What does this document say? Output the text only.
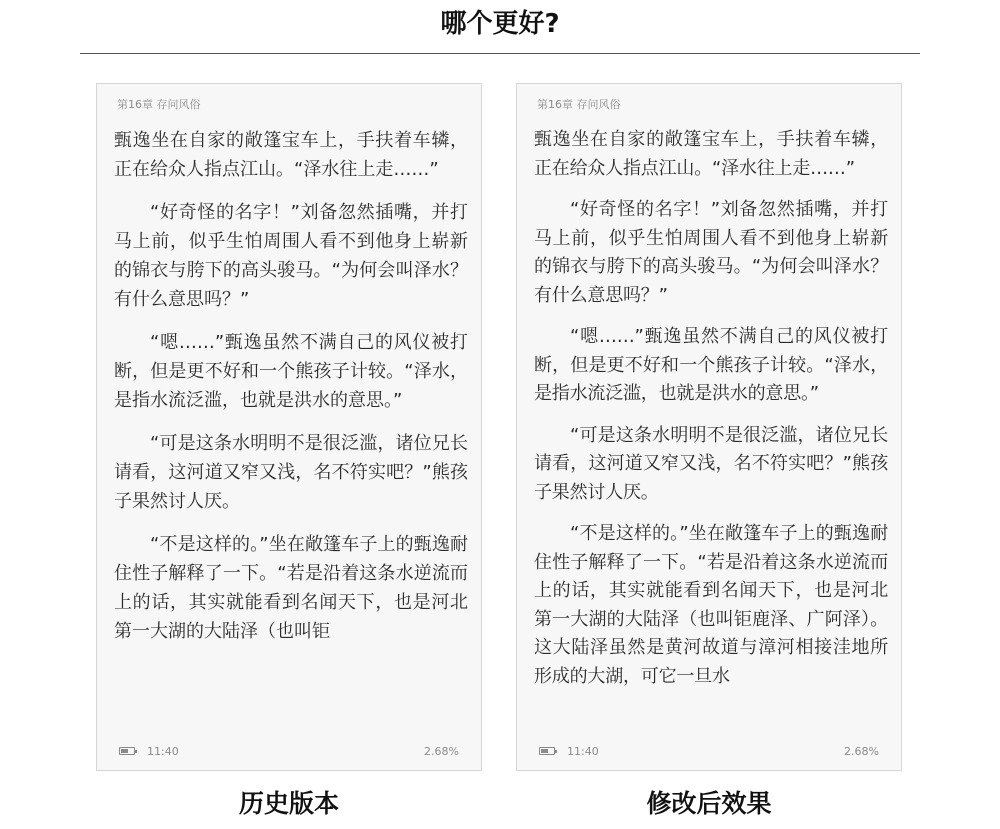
哪个更好?
第16章 存问风俗

甄逸坐在自家的敞篷宝车上，手扶着车辚，正在给众人指点江山。“泽水往上走……”

“好奇怪的名字！”刘备忽然插嘴，并打马上前，似乎生怕周围人看不到他身上崭新的锦衣与胯下的高头骏马。“为何会叫泽水？有什么意思吗？”

“嗯……”甄逸虽然不满自己的风仪被打断，但是更不好和一个熊孩子计较。“泽水，是指水流泛滥，也就是洪水的意思。”

“可是这条水明明不是很泛滥，诸位兄长请看，这河道又窄又浅，名不符实吧？”熊孩子果然讨人厌。

“不是这样的。”坐在敞篷车子上的甄逸耐住性子解释了一下。“若是沿着这条水逆流而上的话，其实就能看到名闻天下，也是河北第一大湖的大陆泽（也叫钜

11:40	2.68%
第16章 存问风俗

甄逸坐在自家的敞篷宝车上，手扶着车辚，正在给众人指点江山。“泽水往上走……”

“好奇怪的名字！”刘备忽然插嘴，并打马上前，似乎生怕周围人看不到他身上崭新的锦衣与胯下的高头骏马。“为何会叫泽水？有什么意思吗？”

“嗯……”甄逸虽然不满自己的风仪被打断，但是更不好和一个熊孩子计较。“泽水，是指水流泛滥，也就是洪水的意思。”

“可是这条水明明不是很泛滥，诸位兄长请看，这河道又窄又浅，名不符实吧？”熊孩子果然讨人厌。

“不是这样的。”坐在敞篷车子上的甄逸耐住性子解释了一下。“若是沿着这条水逆流而上的话，其实就能看到名闻天下，也是河北第一大湖的大陆泽（也叫钜鹿泽、广阿泽）。这大陆泽虽然是黄河故道与漳河相接洼地所形成的大湖，可它一旦水

11:40	2.68%
历史版本	修改后效果
